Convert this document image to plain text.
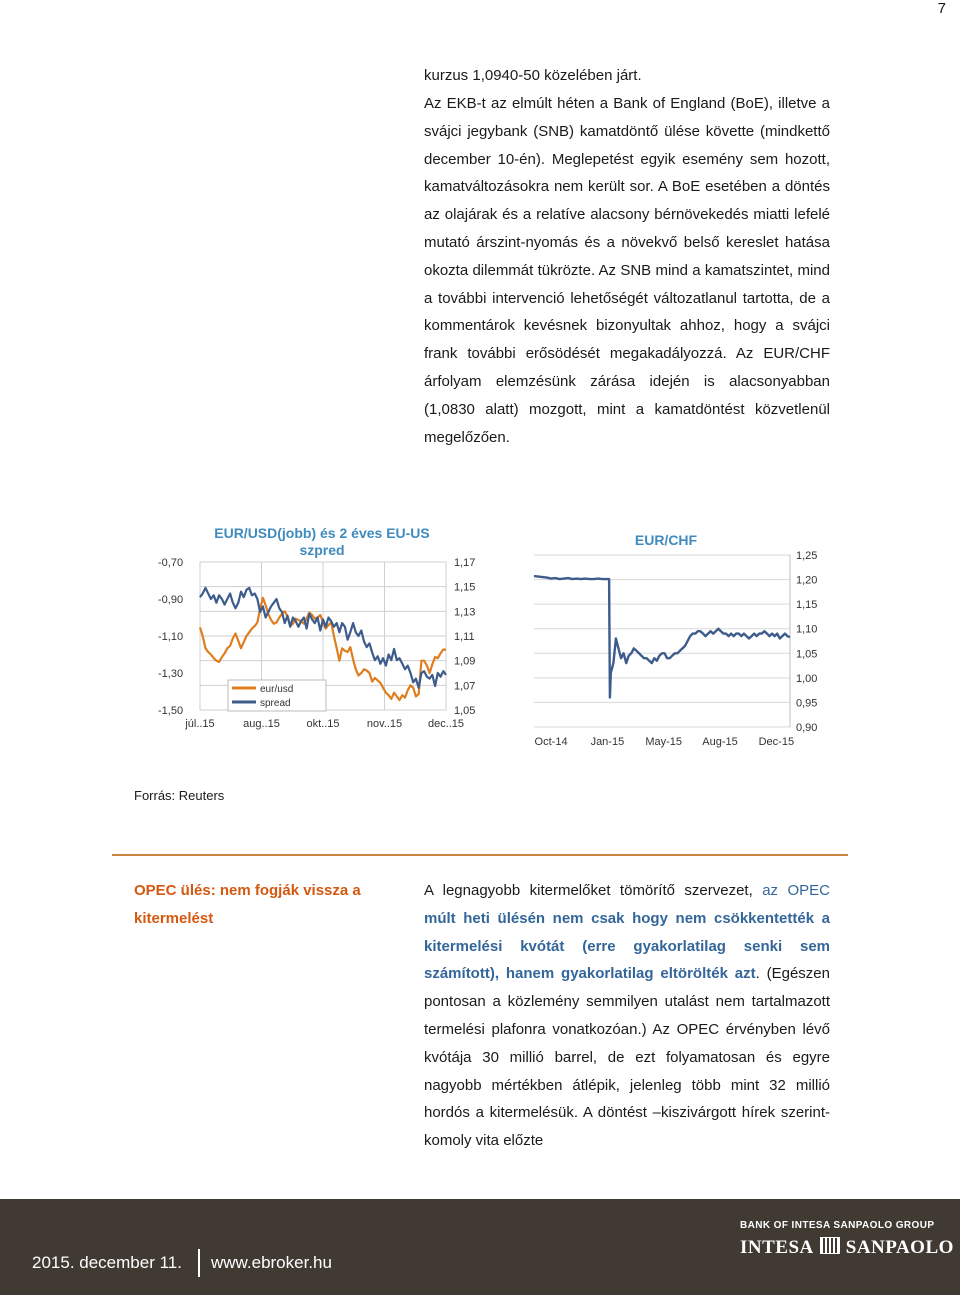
7

kurzus 1,0940-50 közelében járt.

Az EKB-t az elmúlt héten a Bank of England (BoE), illetve a svájci jegybank (SNB) kamatdöntő ülése követte (mindkettő december 10-én). Meglepetést egyik esemény sem hozott, kamatváltozásokra nem került sor. A BoE esetében a döntés az olajárak és a relatíve alacsony bérnövekedés miatti lefelé mutató árszint-nyomás és a növekvő belső kereslet hatása okozta dilemmát tükrözte. Az SNB mind a kamatszintet, mind a további intervenció lehetőségét változatlanul tartotta, de a kommentárok kevésnek bizonyultak ahhoz, hogy a svájci frank további erősödését megakadályozzá. Az EUR/CHF árfolyam elemzésünk zárása idején is alacsonyabban (1,0830 alatt) mozgott, mint a kamatdöntést közvetlenül megelőzően.

EUR/USD(jobb) és 2 éves EU-US
szpred
-0,70
-0,90
-1,10
-1,30
-1,50
1,17
1,15
1,13
1,11
1,09
1,07
1,05
júl..15	aug..15 okt..15 nov..15 dec..15
eur/usd
spread
EUR/CHF
1,25
1,20
1,15
1,10
1,05
1,00
0,95
0,90
Oct-14 Jan-15 May-15 Aug-15 Dec-15

Forrás: Reuters

OPEC ülés: nem fogják vissza a kitermelést

A legnagyobb kitermelőket tömörítő szervezet, az OPEC múlt heti ülésén nem csak hogy nem csökkentették a kitermelési kvótát (erre gyakorlatilag senki sem számított), hanem gyakorlatilag eltörölték azt. (Egészen pontosan a közlemény semmilyen utalást nem tartalmazott termelési plafonra vonatkozóan.) Az OPEC érvényben lévő kvótája 30 millió barrel, de ezt folyamatosan és egyre nagyobb mértékben átlépik, jelenleg több mint 32 millió hordós a kitermelésük. A döntést –kiszivárgott hírek szerint- komoly vita előzte

2015. december 11. www.ebroker.hu
BANK OF INTESA SANPAOLO GROUP
INTESA SANPAOLO
